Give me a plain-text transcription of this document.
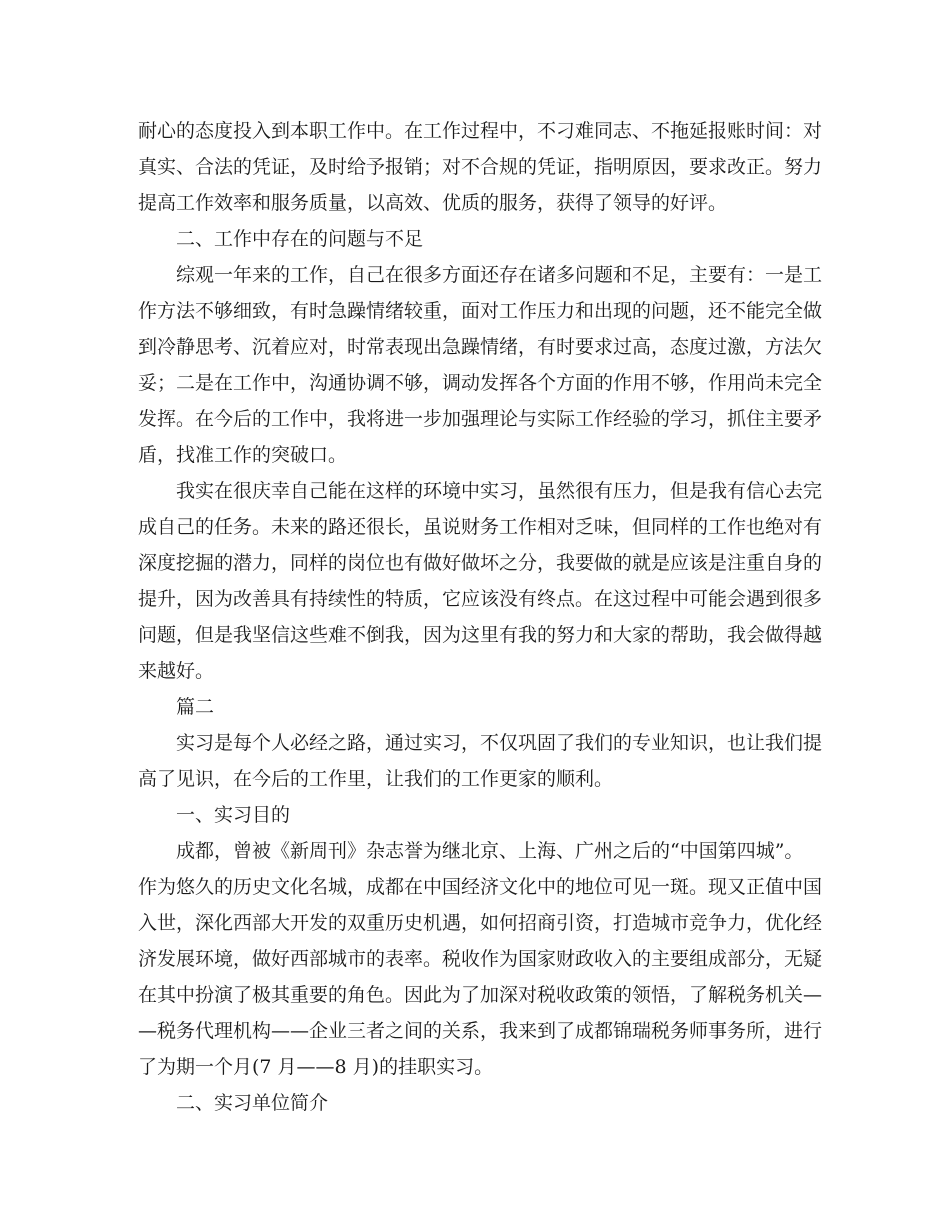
耐心的态度投入到本职工作中。在工作过程中，不刁难同志、不拖延报账时间：对

真实、合法的凭证，及时给予报销；对不合规的凭证，指明原因，要求改正。努力

提高工作效率和服务质量，以高效、优质的服务，获得了领导的好评。

二、工作中存在的问题与不足

综观一年来的工作，自己在很多方面还存在诸多问题和不足，主要有：一是工

作方法不够细致，有时急躁情绪较重，面对工作压力和出现的问题，还不能完全做

到冷静思考、沉着应对，时常表现出急躁情绪，有时要求过高，态度过激，方法欠

妥；二是在工作中，沟通协调不够，调动发挥各个方面的作用不够，作用尚未完全

发挥。在今后的工作中，我将进一步加强理论与实际工作经验的学习，抓住主要矛

盾，找准工作的突破口。

我实在很庆幸自己能在这样的环境中实习，虽然很有压力，但是我有信心去完

成自己的任务。未来的路还很长，虽说财务工作相对乏味，但同样的工作也绝对有

深度挖掘的潜力，同样的岗位也有做好做坏之分，我要做的就是应该是注重自身的

提升，因为改善具有持续性的特质，它应该没有终点。在这过程中可能会遇到很多

问题，但是我坚信这些难不倒我，因为这里有我的努力和大家的帮助，我会做得越

来越好。

篇二

实习是每个人必经之路，通过实习，不仅巩固了我们的专业知识，也让我们提

高了见识，在今后的工作里，让我们的工作更家的顺利。

一、实习目的

成都，曾被《新周刊》杂志誉为继北京、上海、广州之后的“中国第四城”。

作为悠久的历史文化名城，成都在中国经济文化中的地位可见一斑。现又正值中国

入世，深化西部大开发的双重历史机遇，如何招商引资，打造城市竞争力，优化经

济发展环境，做好西部城市的表率。税收作为国家财政收入的主要组成部分，无疑

在其中扮演了极其重要的角色。因此为了加深对税收政策的领悟，了解税务机关—

—税务代理机构——企业三者之间的关系，我来到了成都锦瑞税务师事务所，进行

了为期一个月(7 月——8 月)的挂职实习。

二、实习单位简介
